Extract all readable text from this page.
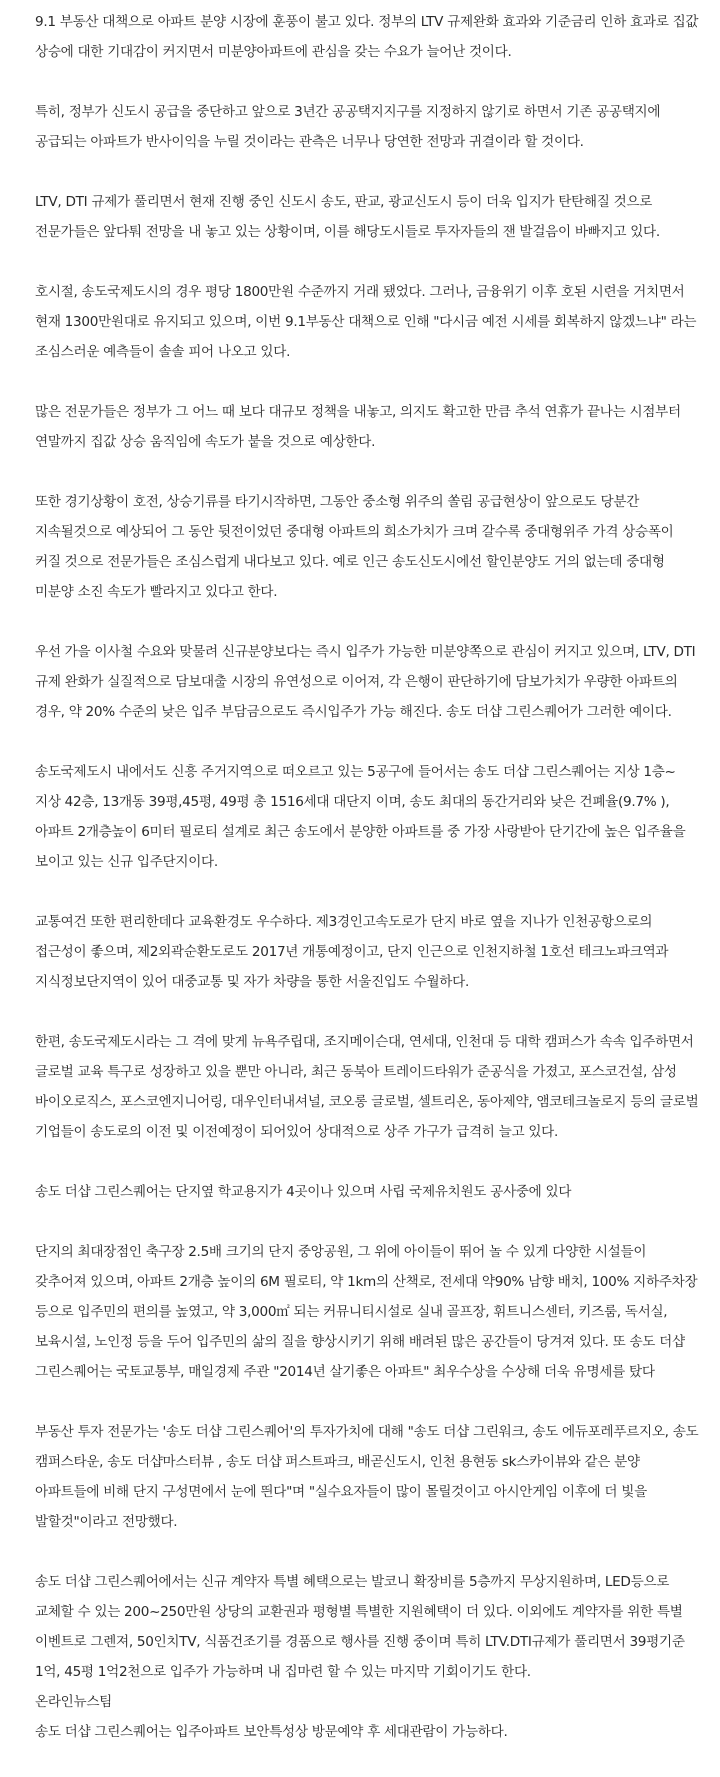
9.1 부동산 대책으로 아파트 분양 시장에 훈풍이 불고 있다. 정부의 LTV 규제완화 효과와 기준금리 인하 효과로 집값 상승에 대한 기대감이 커지면서 미분양아파트에 관심을 갖는 수요가 늘어난 것이다.

특히, 정부가 신도시 공급을 중단하고 앞으로 3년간 공공택지지구를 지정하지 않기로 하면서 기존 공공택지에 공급되는 아파트가 반사이익을 누릴 것이라는 관측은 너무나 당연한 전망과 귀결이라 할 것이다.

LTV, DTI 규제가 풀리면서 현재 진행 중인 신도시 송도, 판교, 광교신도시 등이 더욱 입지가 탄탄해질 것으로 전문가들은 앞다퉈 전망을 내 놓고 있는 상황이며, 이를 해당도시들로 투자자들의 잰 발걸음이 바빠지고 있다.

호시절, 송도국제도시의 경우 평당 1800만원 수준까지 거래 됐었다. 그러나, 금융위기 이후 호된 시련을 거치면서 현재 1300만원대로 유지되고 있으며, 이번 9.1부동산 대책으로 인해 "다시금 예전 시세를 회복하지 않겠느냐" 라는 조심스러운 예측들이 솔솔 피어 나오고 있다.

많은 전문가들은 정부가 그 어느 때 보다 대규모 정책을 내놓고, 의지도 확고한 만큼 추석 연휴가 끝나는 시점부터 연말까지 집값 상승 움직임에 속도가 붙을 것으로 예상한다.

또한 경기상황이 호전, 상승기류를 타기시작하면, 그동안 중소형 위주의 쏠림 공급현상이 앞으로도 당분간 지속될것으로 예상되어 그 동안 뒷전이었던 중대형 아파트의 희소가치가 크며 갈수록 중대형위주 가격 상승폭이 커질 것으로 전문가들은 조심스럽게 내다보고 있다. 예로 인근 송도신도시에선 할인분양도 거의 없는데 중대형 미분양 소진 속도가 빨라지고 있다고 한다.

우선 가을 이사철 수요와 맞물려 신규분양보다는 즉시 입주가 가능한 미분양쪽으로 관심이 커지고 있으며, LTV, DTI 규제 완화가 실질적으로 담보대출 시장의 유연성으로 이어져, 각 은행이 판단하기에 담보가치가 우량한 아파트의 경우, 약 20% 수준의 낮은 입주 부담금으로도 즉시입주가 가능 해진다. 송도 더샵 그린스퀘어가 그러한 예이다.

송도국제도시 내에서도 신흥 주거지역으로 떠오르고 있는 5공구에 들어서는 송도 더샵 그린스퀘어는 지상 1층~지상 42층, 13개동 39평,45평, 49평 총 1516세대 대단지 이며, 송도 최대의 동간거리와 낮은 건폐율(9.7% ), 아파트 2개층높이 6미터 필로티 설계로 최근 송도에서 분양한 아파트를 중 가장 사랑받아 단기간에 높은 입주율을 보이고 있는 신규 입주단지이다.

교통여건 또한 편리한데다 교육환경도 우수하다. 제3경인고속도로가 단지 바로 옆을 지나가 인천공항으로의 접근성이 좋으며, 제2외곽순환도로도 2017년 개통예정이고, 단지 인근으로 인천지하철 1호선 테크노파크역과 지식정보단지역이 있어 대중교통 및 자가 차량을 통한 서울진입도 수월하다.

한편, 송도국제도시라는 그 격에 맞게 뉴욕주립대, 조지메이슨대, 연세대, 인천대 등 대학 캠퍼스가 속속 입주하면서 글로벌 교육 특구로 성장하고 있을 뿐만 아니라, 최근 동북아 트레이드타워가 준공식을 가졌고, 포스코건설, 삼성 바이오로직스, 포스코엔지니어링, 대우인터내셔널, 코오롱 글로벌, 셀트리온, 동아제약, 앰코테크놀로지 등의 글로벌 기업들이 송도로의 이전 및 이전예정이 되어있어 상대적으로 상주 가구가 급격히 늘고 있다.

송도 더샵 그린스퀘어는 단지옆 학교용지가 4곳이나 있으며 사립 국제유치원도 공사중에 있다

단지의 최대장점인 축구장 2.5배 크기의 단지 중앙공원, 그 위에 아이들이 뛰어 놀 수 있게 다양한 시설들이 갖추어져 있으며, 아파트 2개층 높이의 6M 필로티, 약 1km의 산책로, 전세대 약90% 남향 배치, 100% 지하주차장 등으로 입주민의 편의를 높였고, 약 3,000㎡ 되는 커뮤니티시설로 실내 골프장, 휘트니스센터, 키즈룸, 독서실, 보육시설, 노인정 등을 두어 입주민의 삶의 질을 향상시키기 위해 배려된 많은 공간들이 당겨져 있다. 또 송도 더샵 그린스퀘어는 국토교통부, 매일경제 주관 "2014년 살기좋은 아파트" 최우수상을 수상해 더욱 유명세를 탔다

부동산 투자 전문가는 '송도 더샵 그린스퀘어'의 투자가치에 대해 "송도 더샵 그린워크, 송도 에듀포레푸르지오, 송도 캠퍼스타운, 송도 더샵마스터뷰 , 송도 더샵 퍼스트파크, 배곧신도시, 인천 용현동 sk스카이뷰와 같은 분양 아파트들에 비해 단지 구성면에서 눈에 띈다"며 "실수요자들이 많이 몰릴것이고 아시안게임 이후에 더 빛을 발할것"이라고 전망했다.

송도 더샵 그린스퀘어에서는 신규 계약자 특별 혜택으로는 발코니 확장비를 5층까지 무상지원하며, LED등으로 교체할 수 있는 200~250만원 상당의 교환권과 평형별 특별한 지원혜택이 더 있다. 이외에도 계약자를 위한 특별 이벤트로 그렌져, 50인치TV, 식품건조기를 경품으로 행사를 진행 중이며 특히 LTV.DTI규제가 풀리면서 39평기준 1억, 45평 1억2천으로 입주가 가능하며 내 집마련 할 수 있는 마지막 기회이기도 한다.

송도 더샵 그린스퀘어는 입주아파트 보안특성상 방문예약 후 세대관람이 가능하다.

온라인뉴스팀
